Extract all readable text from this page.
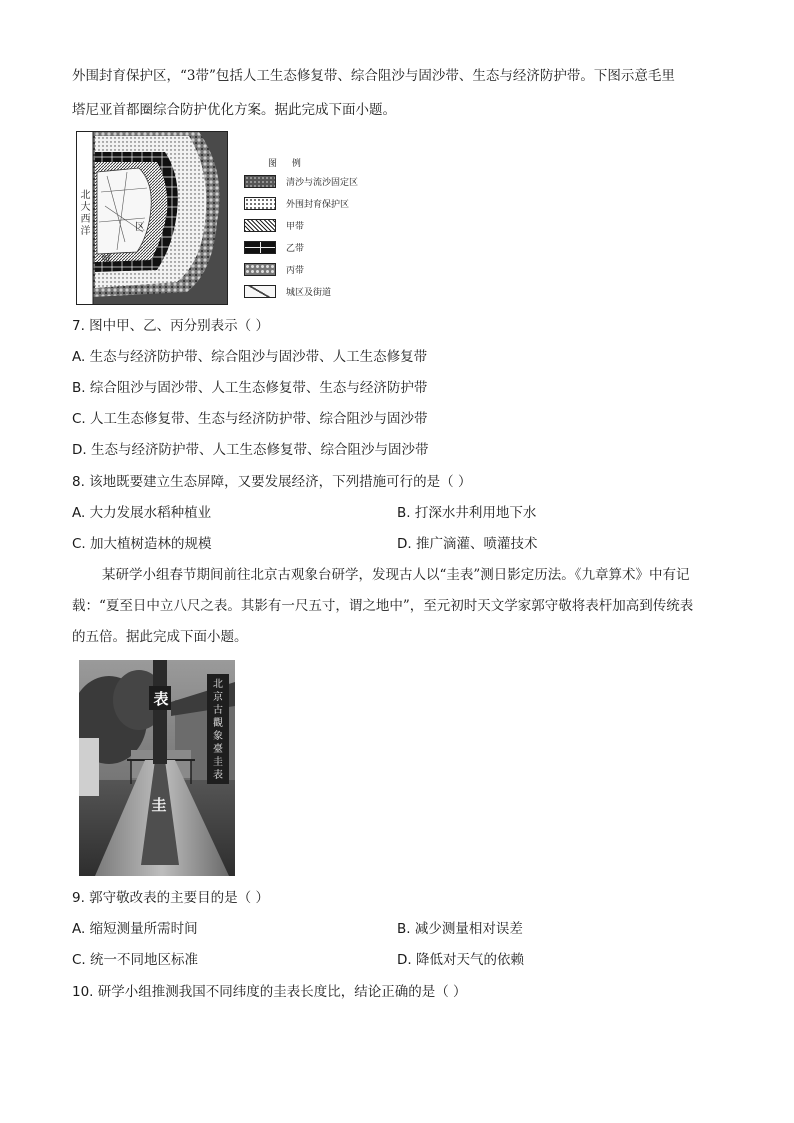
外围封育保护区，“3带”包括人工生态修复带、综合阻沙与固沙带、生态与经济防护带。下图示意毛里
塔尼亚首都圈综合防护优化方案。据此完成下面小题。
北
大
西
洋	区
城
图 例
清沙与流沙固定区
外围封育保护区
甲带
乙带
丙带
城区及街道
7. 图中甲、乙、丙分别表示（ ）
A. 生态与经济防护带、综合阻沙与固沙带、人工生态修复带
B. 综合阻沙与固沙带、人工生态修复带、生态与经济防护带
C. 人工生态修复带、生态与经济防护带、综合阻沙与固沙带
D. 生态与经济防护带、人工生态修复带、综合阻沙与固沙带
8. 该地既要建立生态屏障，又要发展经济，下列措施可行的是（ ）
A. 大力发展水稻种植业	B. 打深水井利用地下水
C. 加大植树造林的规模	D. 推广滴灌、喷灌技术
某研学小组春节期间前往北京古观象台研学，发现古人以“圭表”测日影定历法。《九章算术》中有记
载：“夏至日中立八尺之表。其影有一尺五寸，谓之地中”，至元初时天文学家郭守敬将表杆加高到传统表
的五倍。据此完成下面小题。
表
圭
北
京
古
觀
象
臺
圭
表
9. 郭守敬改表的主要目的是（ ）
A. 缩短测量所需时间	B. 减少测量相对误差
C. 统一不同地区标准	D. 降低对天气的依赖
10. 研学小组推测我国不同纬度的圭表长度比，结论正确的是（ ）
